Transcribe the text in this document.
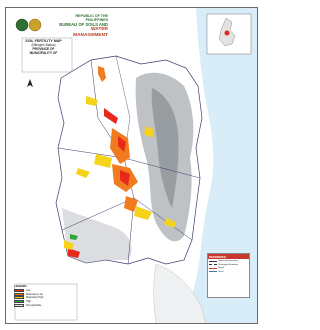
REPUBLIC OF THE PHILIPPINES
BUREAU OF SOILS AND
WATER MANAGEMENT
SOIL FERTILITY MAP
(Nitrogen Status)
PROVINCE OF
MUNICIPALITY OF
LEGEND
Low
Moderately Low
Moderately High
High
Not Applicable
REFERENCE
Municipal Boundary
Barangay Boundary
Road
River
